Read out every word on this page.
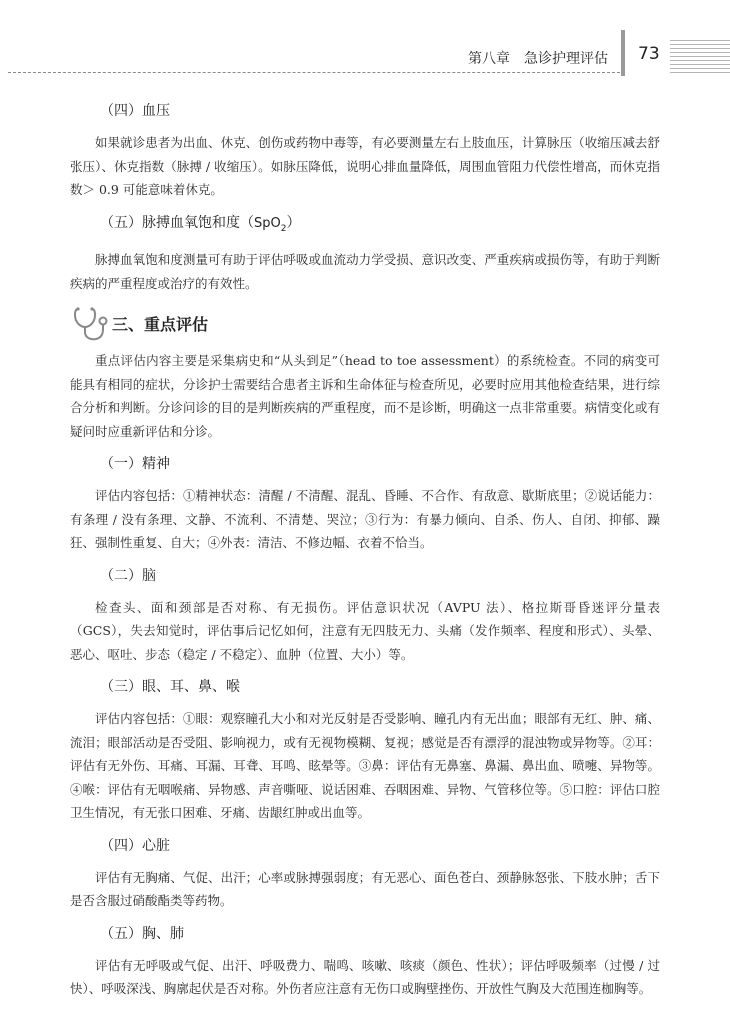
第八章 急诊护理评估 73
（四）血压

如果就诊患者为出血、休克、创伤或药物中毒等，有必要测量左右上肢血压，计算脉压（收缩压减去舒张压）、休克指数（脉搏 / 收缩压）。如脉压降低，说明心排血量降低，周围血管阻力代偿性增高，而休克指数＞ 0.9 可能意味着休克。

（五）脉搏血氧饱和度（SpO$_2$）

脉搏血氧饱和度测量可有助于评估呼吸或血流动力学受损、意识改变、严重疾病或损伤等，有助于判断疾病的严重程度或治疗的有效性。

三、重点评估

重点评估内容主要是采集病史和“从头到足”（head to toe assessment）的系统检查。不同的病变可能具有相同的症状，分诊护士需要结合患者主诉和生命体征与检查所见，必要时应用其他检查结果，进行综合分析和判断。分诊问诊的目的是判断疾病的严重程度，而不是诊断，明确这一点非常重要。病情变化或有疑问时应重新评估和分诊。

（一）精神

评估内容包括：①精神状态：清醒 / 不清醒、混乱、昏睡、不合作、有敌意、歇斯底里；②说话能力：有条理 / 没有条理、文静、不流利、不清楚、哭泣；③行为：有暴力倾向、自杀、伤人、自闭、抑郁、躁狂、强制性重复、自大；④外表：清洁、不修边幅、衣着不恰当。

（二）脑

检查头、面和颈部是否对称、有无损伤。评估意识状况（AVPU 法）、格拉斯哥昏迷评分量表（GCS），失去知觉时，评估事后记忆如何，注意有无四肢无力、头痛（发作频率、程度和形式）、头晕、恶心、呕吐、步态（稳定 / 不稳定）、血肿（位置、大小）等。

（三）眼、耳、鼻、喉

评估内容包括：①眼：观察瞳孔大小和对光反射是否受影响、瞳孔内有无出血；眼部有无红、肿、痛、流泪；眼部活动是否受阻、影响视力，或有无视物模糊、复视；感觉是否有漂浮的混浊物或异物等。②耳：评估有无外伤、耳痛、耳漏、耳聋、耳鸣、眩晕等。③鼻：评估有无鼻塞、鼻漏、鼻出血、喷嚏、异物等。④喉：评估有无咽喉痛、异物感、声音嘶哑、说话困难、吞咽困难、异物、气管移位等。⑤口腔：评估口腔卫生情况，有无张口困难、牙痛、齿龈红肿或出血等。

（四）心脏

评估有无胸痛、气促、出汗；心率或脉搏强弱度；有无恶心、面色苍白、颈静脉怒张、下肢水肿；舌下是否含服过硝酸酯类等药物。

（五）胸、肺

评估有无呼吸或气促、出汗、呼吸费力、喘鸣、咳嗽、咳痰（颜色、性状）；评估呼吸频率（过慢 / 过快）、呼吸深浅、胸廓起伏是否对称。外伤者应注意有无伤口或胸壁挫伤、开放性气胸及大范围连枷胸等。
